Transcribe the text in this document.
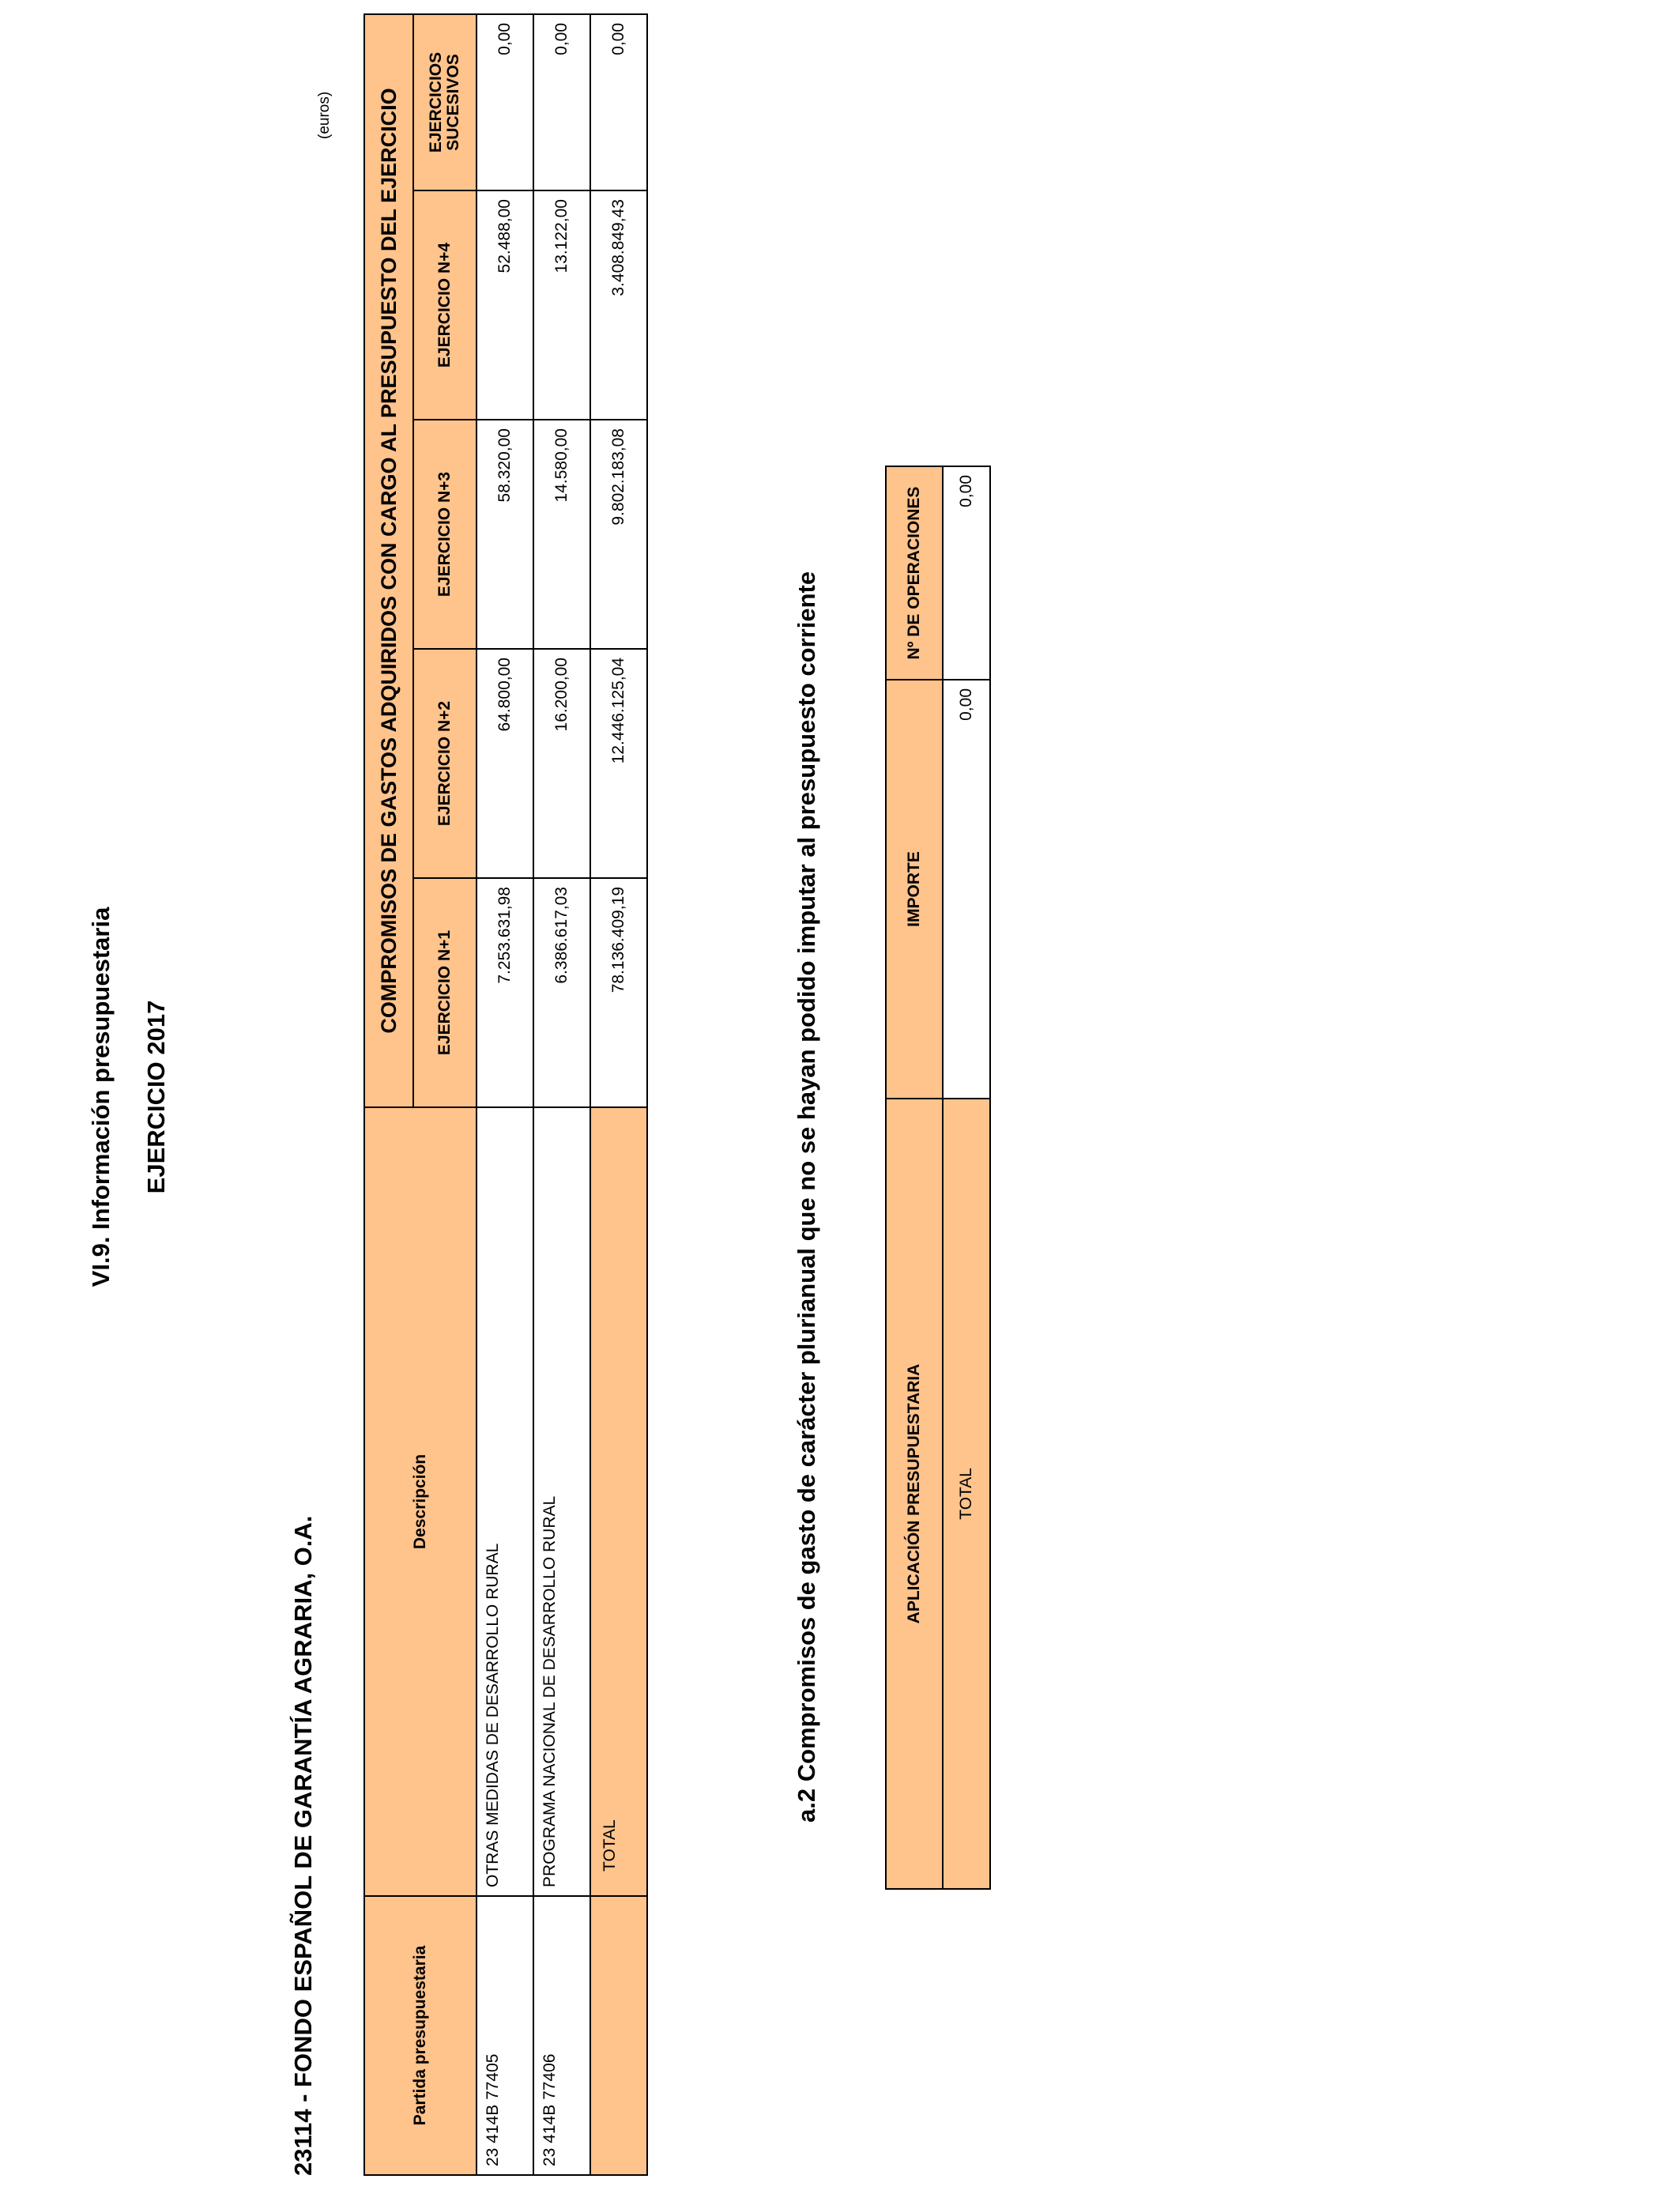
VI.9. Información presupuestaria EJERCICIO 2017
23114 - FONDO ESPAÑOL DE GARANTÍA AGRARIA, O.A.
(euros)
Partida presupuestaria	Descripción	COMPROMISOS DE GASTOS ADQUIRIDOS CON CARGO AL PRESUPUESTO DEL EJERCICIO				
		EJERCICIO N+1	EJERCICIO N+2	EJERCICIO N+3	EJERCICIO N+4	EJERCICIOS SUCESIVOS
23 414B 77405	OTRAS MEDIDAS DE DESARROLLO RURAL	7.253.631,98	64.800,00	58.320,00	52.488,00	0,00
23 414B 77406	PROGRAMA NACIONAL DE DESARROLLO RURAL	6.386.617,03	16.200,00	14.580,00	13.122,00	0,00
	TOTAL	78.136.409,19	12.446.125,04	9.802.183,08	3.408.849,43	0,00
a.2 Compromisos de gasto de carácter plurianual que no se hayan podido imputar al presupuesto corriente	APLICACIÓN PRESUPUESTARIA	IMPORTE	Nº DE OPERACIONES
TOTAL	0,00	0,00
